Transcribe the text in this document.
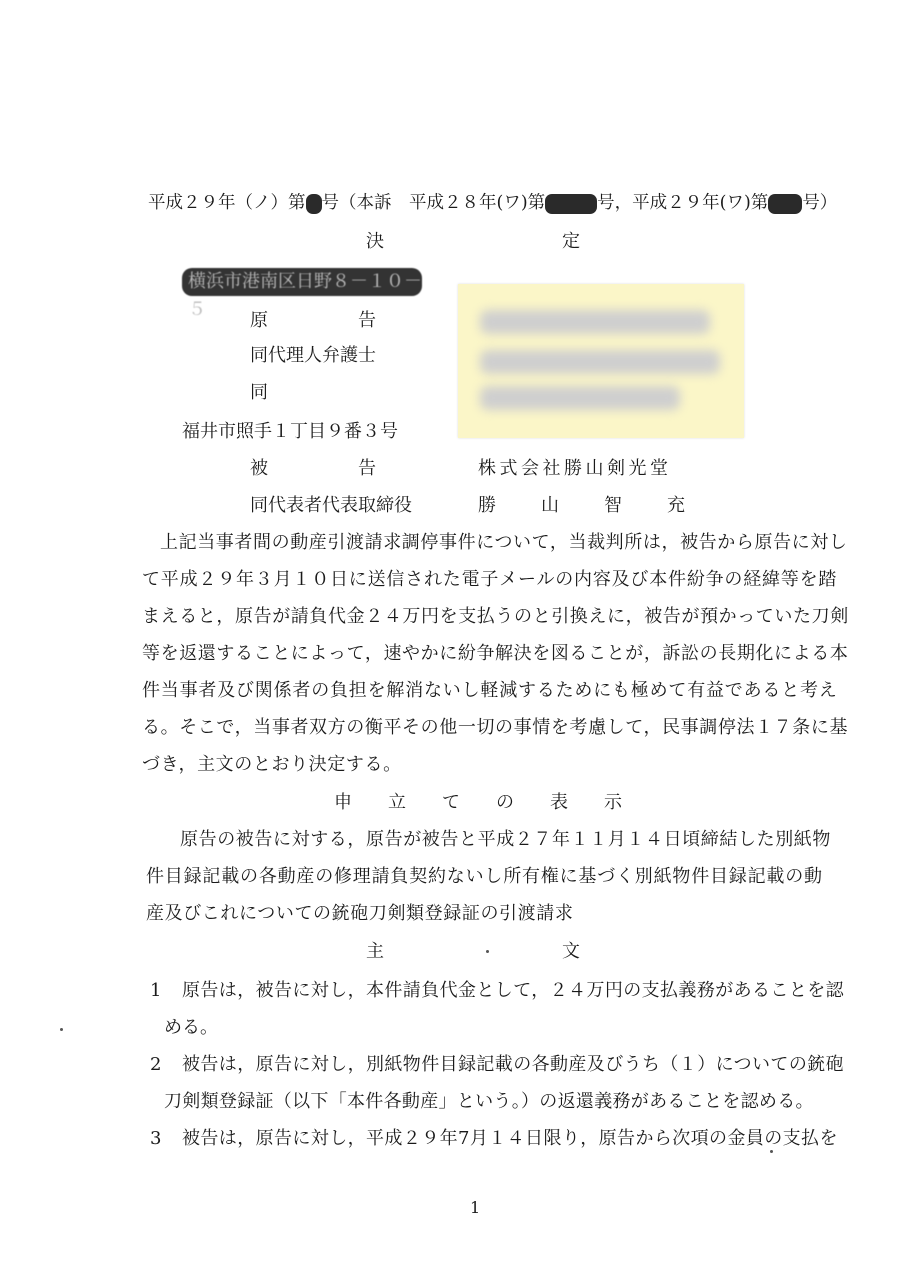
平成２９年（ノ）第 号（本訴　平成２８年(ワ)第	号，平成２９年(ワ)第 号）
決	定
横浜市港南区日野８－１０－５
原　　　　　告
同代理人弁護士
同
福井市照手１丁目９番３号
被　　　　　告	株式会社勝山剣光堂
同代表者代表取締役	勝　　山　　智　　充
上記当事者間の動産引渡請求調停事件について，当裁判所は，被告から原告に対し
て平成２９年３月１０日に送信された電子メールの内容及び本件紛争の経緯等を踏
まえると，原告が請負代金２４万円を支払うのと引換えに，被告が預かっていた刀剣
等を返還することによって，速やかに紛争解決を図ることが，訴訟の長期化による本
件当事者及び関係者の負担を解消ないし軽減するためにも極めて有益であると考え
る。そこで，当事者双方の衡平その他一切の事情を考慮して，民事調停法１７条に基
づき，主文のとおり決定する。
申　　立　　て　　の　　表　　示
原告の被告に対する，原告が被告と平成２７年１１月１４日頃締結した別紙物
件目録記載の各動産の修理請負契約ないし所有権に基づく別紙物件目録記載の動
産及びこれについての銃砲刀剣類登録証の引渡請求
主	文
1 原告は，被告に対し，本件請負代金として，２４万円の支払義務があることを認
める。
2 被告は，原告に対し，別紙物件目録記載の各動産及びうち（１）についての銃砲
刀剣類登録証（以下「本件各動産」という。）の返還義務があることを認める。
3 被告は，原告に対し，平成２９年7月１４日限り，原告から次項の金員の支払を
1
